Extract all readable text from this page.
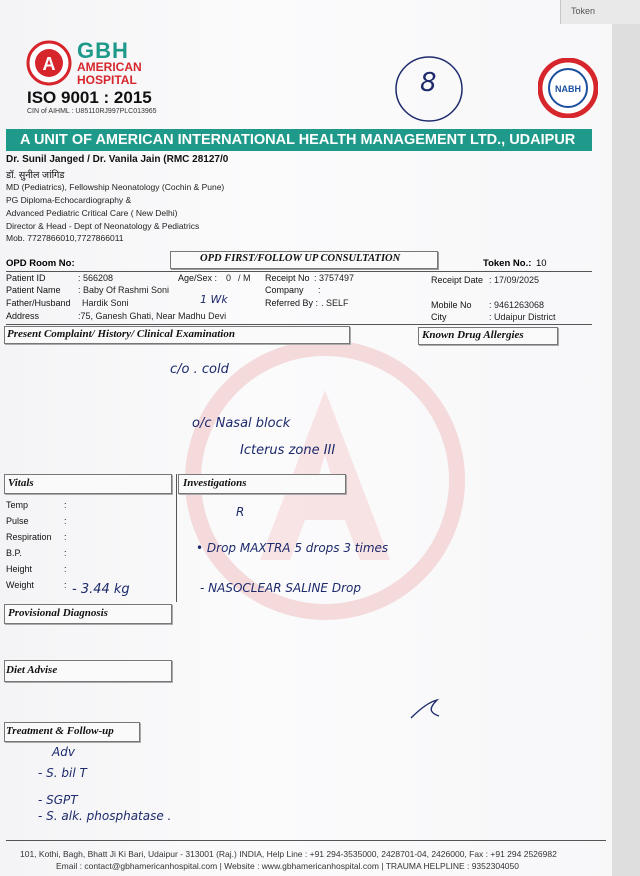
Token
A
GBH
AMERICAN
HOSPITAL
ISO 9001 : 2015
CIN of AIHML : U85110RJ997PLC013965
8	NABH
A UNIT OF AMERICAN INTERNATIONAL HEALTH MANAGEMENT LTD., UDAIPUR
Dr. Sunil Janged / Dr. Vanila Jain (RMC 28127/0
डॉ. सुनील जांगिड
MD (Pediatrics), Fellowship Neonatology (Cochin & Pune)
PG Diploma-Echocardiography &
Advanced Pediatric Critical Care ( New Delhi)
Director & Head - Dept of Neonatology & Pediatrics
Mob. 7727866010,7727866011
OPD Room No:	OPD FIRST/FOLLOW UP CONSULTATION	Token No.: 10
Patient ID	: 566208
Patient Name : Baby Of Rashmi Soni
Father/Husband Hardik Soni
Address	:75, Ganesh Ghati, Near Madhu Devi
Age/Sex : 0 / M
1 Wk
Receipt No : 3757497
Company :
Referred By : . SELF
Receipt Date : 17/09/2025
Mobile No : 9461263068
City	: Udaipur District
Present Complaint/ History/ Clinical Examination	Known Drug Allergies
c/o . cold
o/c Nasal block
Icterus zone III
Vitals	Investigations
Temp	:
Pulse	:
Respiration :
B.P.	:
Height	:
Weight	: - 3.44 kg
R
• Drop MAXTRA 5 drops 3 times
- NASOCLEAR SALINE Drop
Provisional Diagnosis
Diet Advise
Treatment & Follow-up
Adv
- S. bil T
- SGPT
- S. alk. phosphatase .
101, Kothi, Bagh, Bhatt Ji Ki Bari, Udaipur - 313001 (Raj.) INDIA, Help Line : +91 294-3535000, 2428701-04, 2426000, Fax : +91 294 2526982
Email : contact@gbhamericanhospital.com | Website : www.gbhamericanhospital.com | TRAUMA HELPLINE : 9352304050
